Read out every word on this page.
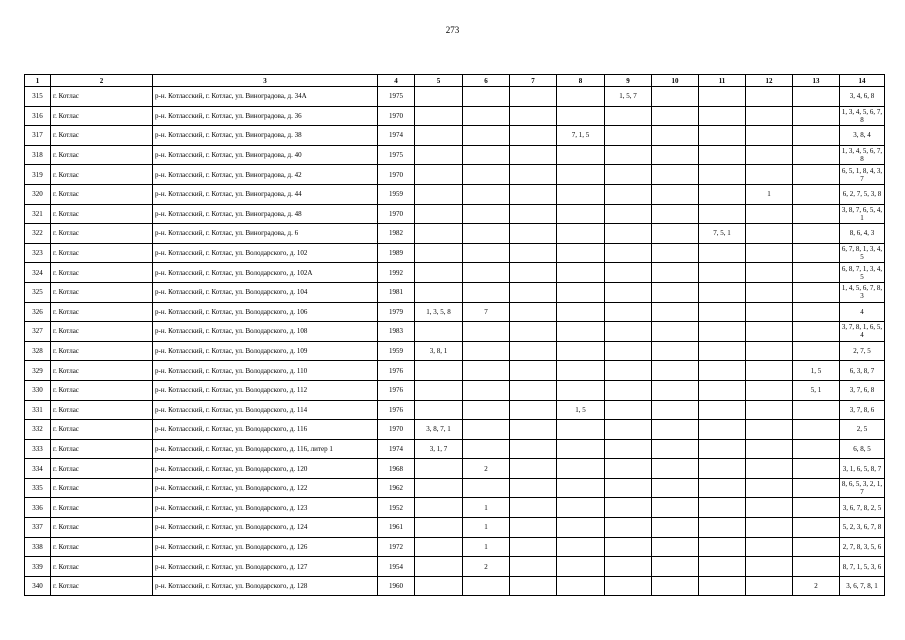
273
1	2	3	4	5	6	7	8	9	10	11	12	13	14
315	г. Котлас	р-н. Котласский, г. Котлас, ул. Виноградова, д. 34А	1975					1, 5, 7					3, 4, 6, 8
316	г. Котлас	р-н. Котласский, г. Котлас, ул. Виноградова, д. 36	1970										1, 3, 4, 5, 6, 7, 8
317	г. Котлас	р-н. Котласский, г. Котлас, ул. Виноградова, д. 38	1974				7, 1, 5						3, 8, 4
318	г. Котлас	р-н. Котласский, г. Котлас, ул. Виноградова, д. 40	1975										1, 3, 4, 5, 6, 7, 8
319	г. Котлас	р-н. Котласский, г. Котлас, ул. Виноградова, д. 42	1970										6, 5, 1, 8, 4, 3, 7
320	г. Котлас	р-н. Котласский, г. Котлас, ул. Виноградова, д. 44	1959								1		6, 2, 7, 5, 3, 8
321	г. Котлас	р-н. Котласский, г. Котлас, ул. Виноградова, д. 48	1970										3, 8, 7, 6, 5, 4, 1
322	г. Котлас	р-н. Котласский, г. Котлас, ул. Виноградова, д. 6	1982							7, 5, 1			8, 6, 4, 3
323	г. Котлас	р-н. Котласский, г. Котлас, ул. Володарского, д. 102	1989										6, 7, 8, 1, 3, 4, 5
324	г. Котлас	р-н. Котласский, г. Котлас, ул. Володарского, д. 102А	1992										6, 8, 7, 1, 3, 4, 5
325	г. Котлас	р-н. Котласский, г. Котлас, ул. Володарского, д. 104	1981										1, 4, 5, 6, 7, 8, 3
326	г. Котлас	р-н. Котласский, г. Котлас, ул. Володарского, д. 106	1979	1, 3, 5, 8	7								4
327	г. Котлас	р-н. Котласский, г. Котлас, ул. Володарского, д. 108	1983										3, 7, 8, 1, 6, 5, 4
328	г. Котлас	р-н. Котласский, г. Котлас, ул. Володарского, д. 109	1959	3, 8, 1									2, 7, 5
329	г. Котлас	р-н. Котласский, г. Котлас, ул. Володарского, д. 110	1976									1, 5	6, 3, 8, 7
330	г. Котлас	р-н. Котласский, г. Котлас, ул. Володарского, д. 112	1976									5, 1	3, 7, 6, 8
331	г. Котлас	р-н. Котласский, г. Котлас, ул. Володарского, д. 114	1976				1, 5						3, 7, 8, 6
332	г. Котлас	р-н. Котласский, г. Котлас, ул. Володарского, д. 116	1970	3, 8, 7, 1									2, 5
333	г. Котлас	р-н. Котласский, г. Котлас, ул. Володарского, д. 116, литер 1	1974	3, 1, 7									6, 8, 5
334	г. Котлас	р-н. Котласский, г. Котлас, ул. Володарского, д. 120	1968		2								3, 1, 6, 5, 8, 7
335	г. Котлас	р-н. Котласский, г. Котлас, ул. Володарского, д. 122	1962										8, 6, 5, 3, 2, 1, 7
336	г. Котлас	р-н. Котласский, г. Котлас, ул. Володарского, д. 123	1952		1								3, 6, 7, 8, 2, 5
337	г. Котлас	р-н. Котласский, г. Котлас, ул. Володарского, д. 124	1961		1								5, 2, 3, 6, 7, 8
338	г. Котлас	р-н. Котласский, г. Котлас, ул. Володарского, д. 126	1972		1								2, 7, 8, 3, 5, 6
339	г. Котлас	р-н. Котласский, г. Котлас, ул. Володарского, д. 127	1954		2								8, 7, 1, 5, 3, 6
340	г. Котлас	р-н. Котласский, г. Котлас, ул. Володарского, д. 128	1960									2	3, 6, 7, 8, 1
